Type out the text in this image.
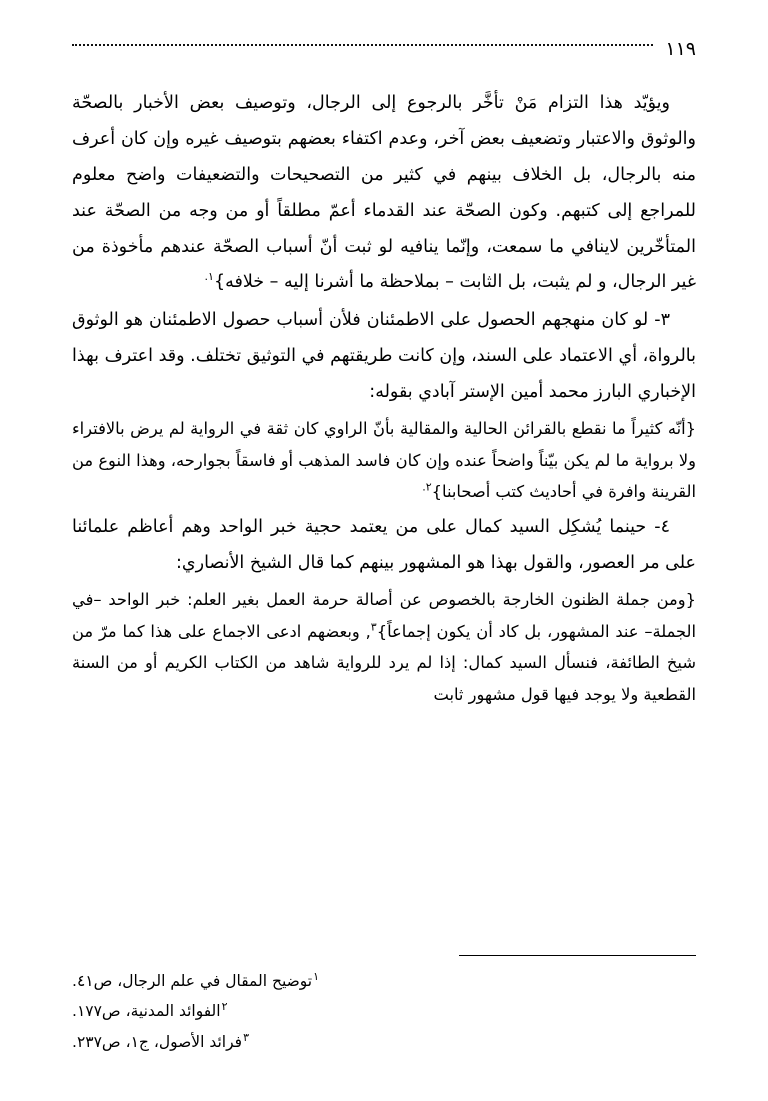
١١٩

ويؤيّد هذا التزام مَنْ تأخَّر بالرجوع إلى الرجال، وتوصيف بعض الأخبار بالصحّة والوثوق والاعتبار وتضعيف بعض آخر، وعدم اكتفاء بعضهم بتوصيف غيره وإن كان أعرف منه بالرجال، بل الخلاف بينهم في كثير من التصحيحات والتضعيفات واضح معلوم للمراجع إلى كتبهم. وكون الصحّة عند القدماء أعمّ مطلقاً أو من وجه من الصحّة عند المتأخّرين لاينافي ما سمعت، وإنّما ينافيه لو ثبت أنّ أسباب الصحّة عندهم مأخوذة من غير الرجال، و لم يثبت، بل الثابت – بملاحظة ما أشرنا إليه – خلافه}$^{١.}$

٣- لو كان منهجهم الحصول على الاطمئنان فلأن أسباب حصول الاطمئنان هو الوثوق بالرواة، أي الاعتماد على السند، وإن كانت طريقتهم في التوثيق تختلف. وقد اعترف بهذا الإخباري البارز محمد أمين الإستر آبادي بقوله:

{أنّه كثيراً ما نقطع بالقرائن الحالية والمقالية بأنّ الراوي كان ثقة في الرواية لم يرض بالافتراء ولا برواية ما لم يكن بيّناً واضحاً عنده وإن كان فاسد المذهب أو فاسقاً بجوارحه، وهذا النوع من القرينة وافرة في أحاديث كتب أصحابنا}$^{٢.}$

٤- حينما يُشكِل السيد كمال على من يعتمد حجية خبر الواحد وهم أعاظم علمائنا على مر العصور، والقول بهذا هو المشهور بينهم كما قال الشيخ الأنصاري:

{ومن جملة الظنون الخارجة بالخصوص عن أصالة حرمة العمل بغير العلم: خبر الواحد –في الجملة– عند المشهور، بل كاد أن يكون إجماعاً}$^٣$, وبعضهم ادعى الاجماع على هذا كما مرّ من شيخ الطائفة، فنسأل السيد كمال: إذا لم يرد للرواية شاهد من الكتاب الكريم أو من السنة القطعية ولا يوجد فيها قول مشهور ثابت

$^١$توضيح المقال في علم الرجال، ص٤١.
$^٢$الفوائد المدنية، ص١٧٧.
$^٣$فرائد الأصول، ج١، ص٢٣٧.
